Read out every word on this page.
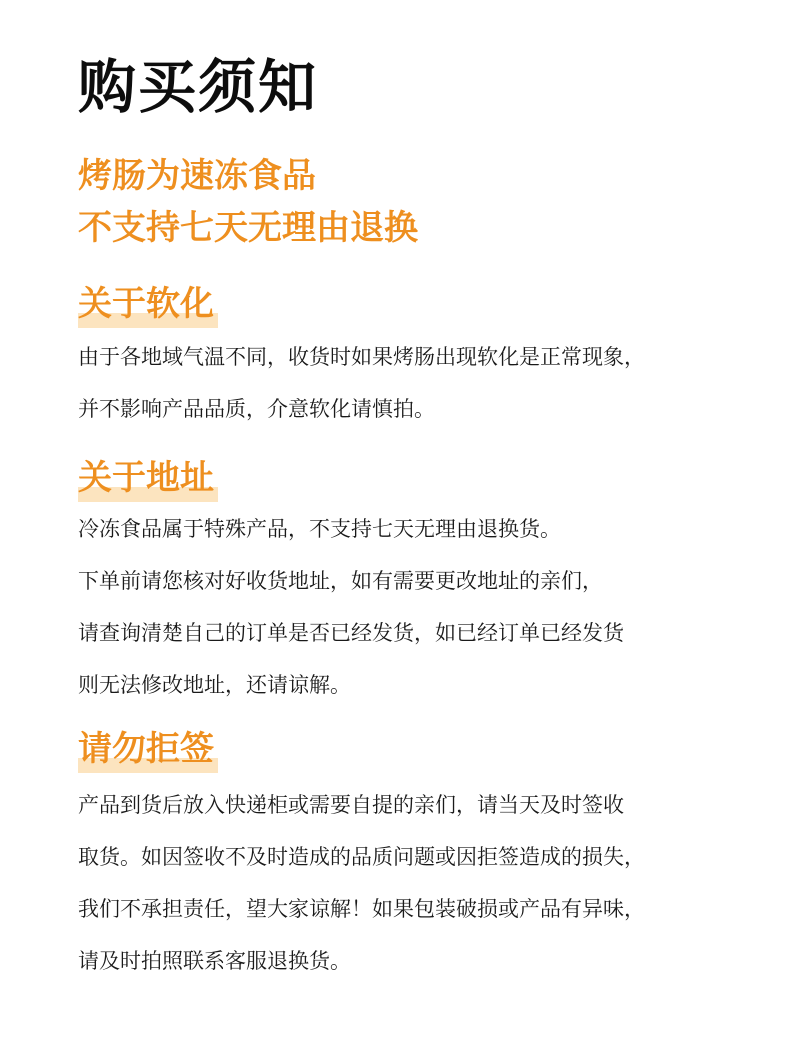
购买须知
烤肠为速冻食品
不支持七天无理由退换
关于软化
由于各地域气温不同，收货时如果烤肠出现软化是正常现象，
并不影响产品品质，介意软化请慎拍。
关于地址
冷冻食品属于特殊产品，不支持七天无理由退换货。
下单前请您核对好收货地址，如有需要更改地址的亲们，
请查询清楚自己的订单是否已经发货，如已经订单已经发货
则无法修改地址，还请谅解。
请勿拒签
产品到货后放入快递柜或需要自提的亲们，请当天及时签收
取货。如因签收不及时造成的品质问题或因拒签造成的损失，
我们不承担责任，望大家谅解！如果包装破损或产品有异味，
请及时拍照联系客服退换货。
